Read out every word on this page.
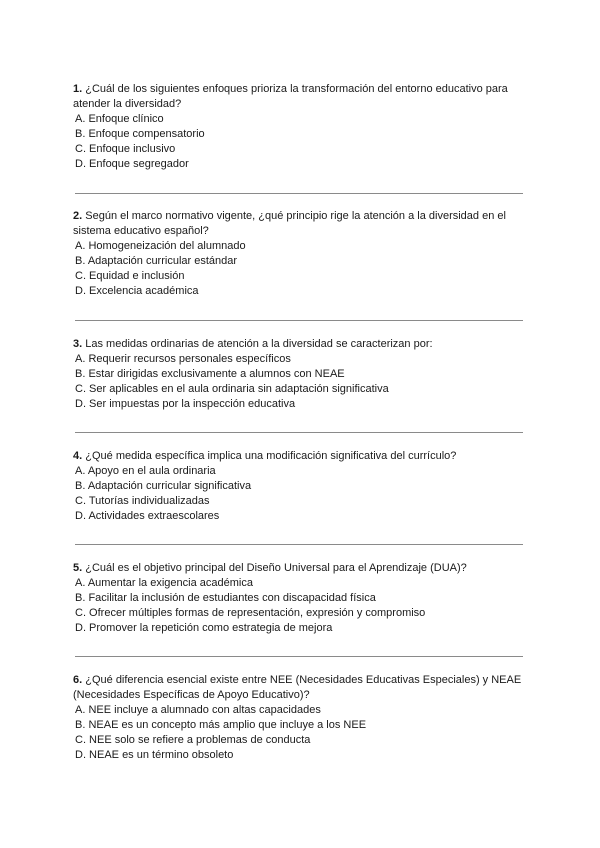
1. ¿Cuál de los siguientes enfoques prioriza la transformación del entorno educativo para atender la diversidad?

A. Enfoque clínico
B. Enfoque compensatorio
C. Enfoque inclusivo
D. Enfoque segregador

2. Según el marco normativo vigente, ¿qué principio rige la atención a la diversidad en el sistema educativo español?

A. Homogeneización del alumnado
B. Adaptación curricular estándar
C. Equidad e inclusión
D. Excelencia académica

3. Las medidas ordinarias de atención a la diversidad se caracterizan por:

A. Requerir recursos personales específicos
B. Estar dirigidas exclusivamente a alumnos con NEAE
C. Ser aplicables en el aula ordinaria sin adaptación significativa
D. Ser impuestas por la inspección educativa

4. ¿Qué medida específica implica una modificación significativa del currículo?

A. Apoyo en el aula ordinaria
B. Adaptación curricular significativa
C. Tutorías individualizadas
D. Actividades extraescolares

5. ¿Cuál es el objetivo principal del Diseño Universal para el Aprendizaje (DUA)?

A. Aumentar la exigencia académica
B. Facilitar la inclusión de estudiantes con discapacidad física
C. Ofrecer múltiples formas de representación, expresión y compromiso
D. Promover la repetición como estrategia de mejora

6. ¿Qué diferencia esencial existe entre NEE (Necesidades Educativas Especiales) y NEAE (Necesidades Específicas de Apoyo Educativo)?

A. NEE incluye a alumnado con altas capacidades
B. NEAE es un concepto más amplio que incluye a los NEE
C. NEE solo se refiere a problemas de conducta
D. NEAE es un término obsoleto
